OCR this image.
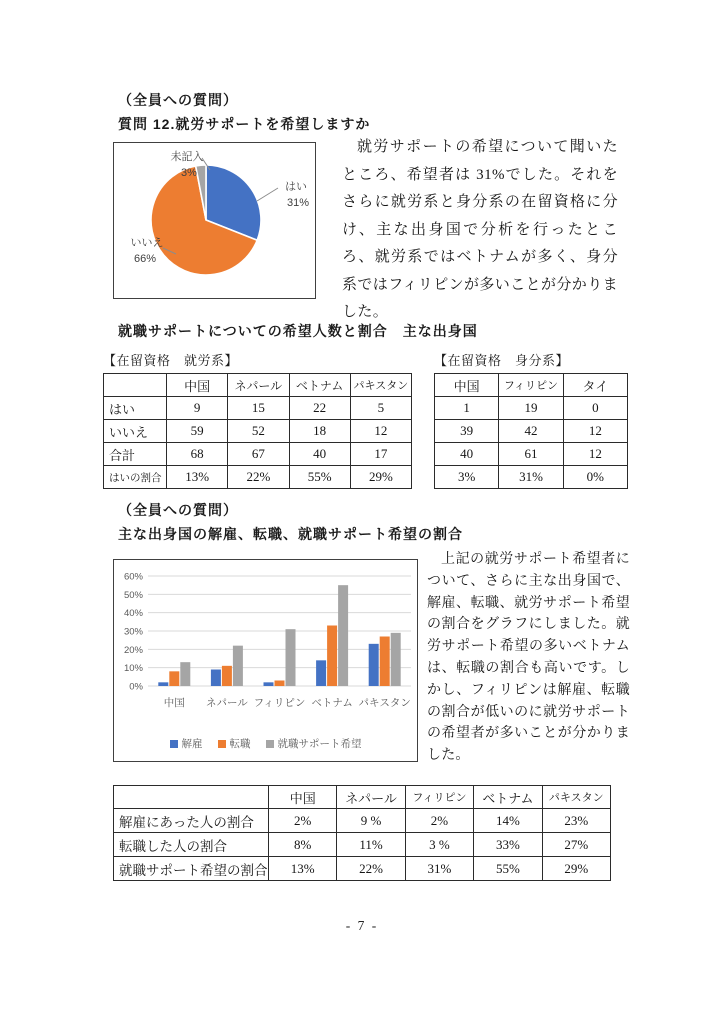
（全員への質問）
質問 12.就労サポートを希望しますか
はい
31%
いいえ
66%
未記入
3%

就労サポートの希望について聞いたところ、希望者は 31%でした。それをさらに就労系と身分系の在留資格に分け、主な出身国で分析を行ったところ、就労系ではベトナムが多く、身分系ではフィリピンが多いことが分かりました。

就職サポートについての希望人数と割合　主な出身国
【在留資格　就労系】
	中国	ネパール	ベトナム	パキスタン
はい	9	15	22	5
いいえ	59	52	18	12
合計	68	67	40	17
はいの割合	13%	22%	55%	29%
【在留資格　身分系】
中国	フィリピン	タイ
1	19	0
39	42	12
40	61	12
3%	31%	0%
（全員への質問）
主な出身国の解雇、転職、就職サポート希望の割合
0%
10%
20%
30%
40%
50%
60%
中国 ネパール フィリピン ベトナム パキスタン
解雇	転職	就職サポート希望

上記の就労サポート希望者について、さらに主な出身国で、解雇、転職、就労サポート希望の割合をグラフにしました。就労サポート希望の多いベトナムは、転職の割合も高いです。しかし、フィリピンは解雇、転職の割合が低いのに就労サポートの希望者が多いことが分かりました。

	中国	ネパール	フィリピン	ベトナム	パキスタン
解雇にあった人の割合	2%	9 %	2%	14%	23%
転職した人の割合	8%	11%	3 %	33%	27%
就職サポート希望の割合	13%	22%	31%	55%	29%
- 7 -
